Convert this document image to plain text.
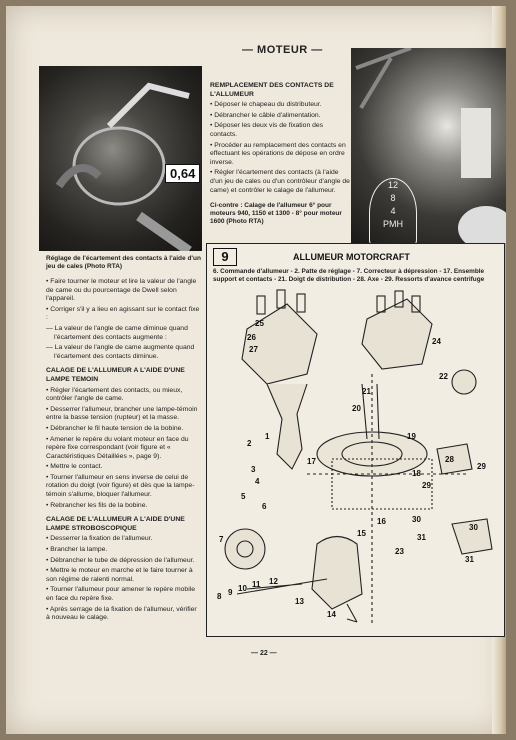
— MOTEUR —
0,64
Réglage de l'écartement des contacts à l'aide d'un jeu de cales (Photo RTA)
12
8
4
PMH

REMPLACEMENT DES CONTACTS DE L'ALLUMEUR

• Déposer le chapeau du distributeur.

• Débrancher le câble d'alimentation.

• Déposer les deux vis de fixation des contacts.

• Procéder au remplacement des contacts en effectuant les opérations de dépose en ordre inverse.

• Régler l'écartement des contacts (à l'aide d'un jeu de cales ou d'un contrôleur d'angle de came) et contrôler le calage de l'allumeur.

Ci-contre : Calage de l'allumeur 6° pour moteurs 940, 1150 et 1300 - 8° pour moteur 1600 (Photo RTA)

• Faire tourner le moteur et lire la valeur de l'angle de came ou du pourcentage de Dwell selon l'appareil.

• Corriger s'il y a lieu en agissant sur le contact fixe :

— La valeur de l'angle de came diminue quand l'écartement des contacts augmente :

— La valeur de l'angle de came augmente quand l'écartement des contacts diminue.

CALAGE DE L'ALLUMEUR A L'AIDE D'UNE LAMPE TEMOIN

• Régler l'écartement des contacts, ou mieux, contrôler l'angle de came.

• Desserrer l'allumeur, brancher une lampe-témoin entre la basse tension (rupteur) et la masse.

• Débrancher le fil haute tension de la bobine.

• Amener le repère du volant moteur en face du repère fixe correspondant (voir figure et « Caractéristiques Détaillées », page 9).

• Mettre le contact.

• Tourner l'allumeur en sens inverse de celui de rotation du doigt (voir figure) et dès que la lampe-témoin s'allume, bloquer l'allumeur.

• Rebrancher les fils de la bobine.

CALAGE DE L'ALLUMEUR A L'AIDE D'UNE LAMPE STROBOSCOPIQUE

• Desserrer la fixation de l'allumeur.

• Brancher la lampe.

• Débrancher le tube de dépression de l'allumeur.

• Mettre le moteur en marche et le faire tourner à son régime de ralenti normal.

• Tourner l'allumeur pour amener le repère mobile en face du repère fixe.

• Après serrage de la fixation de l'allumeur, vérifier à nouveau le calage.

9	ALLUMEUR MOTORCRAFT
6. Commande d'allumeur - 2. Patte de réglage - 7. Correcteur à dépression - 17. Ensemble support et contacts - 21. Doigt de distribution - 28. Axe - 29. Ressorts d'avance centrifuge
25
26
27
24
22
21
20
1
2
3
4
5
6
7
8 9 10 11 12
13
14
15
16
17
18
19
28
29
29
30
30
31
31
23
— 22 —
